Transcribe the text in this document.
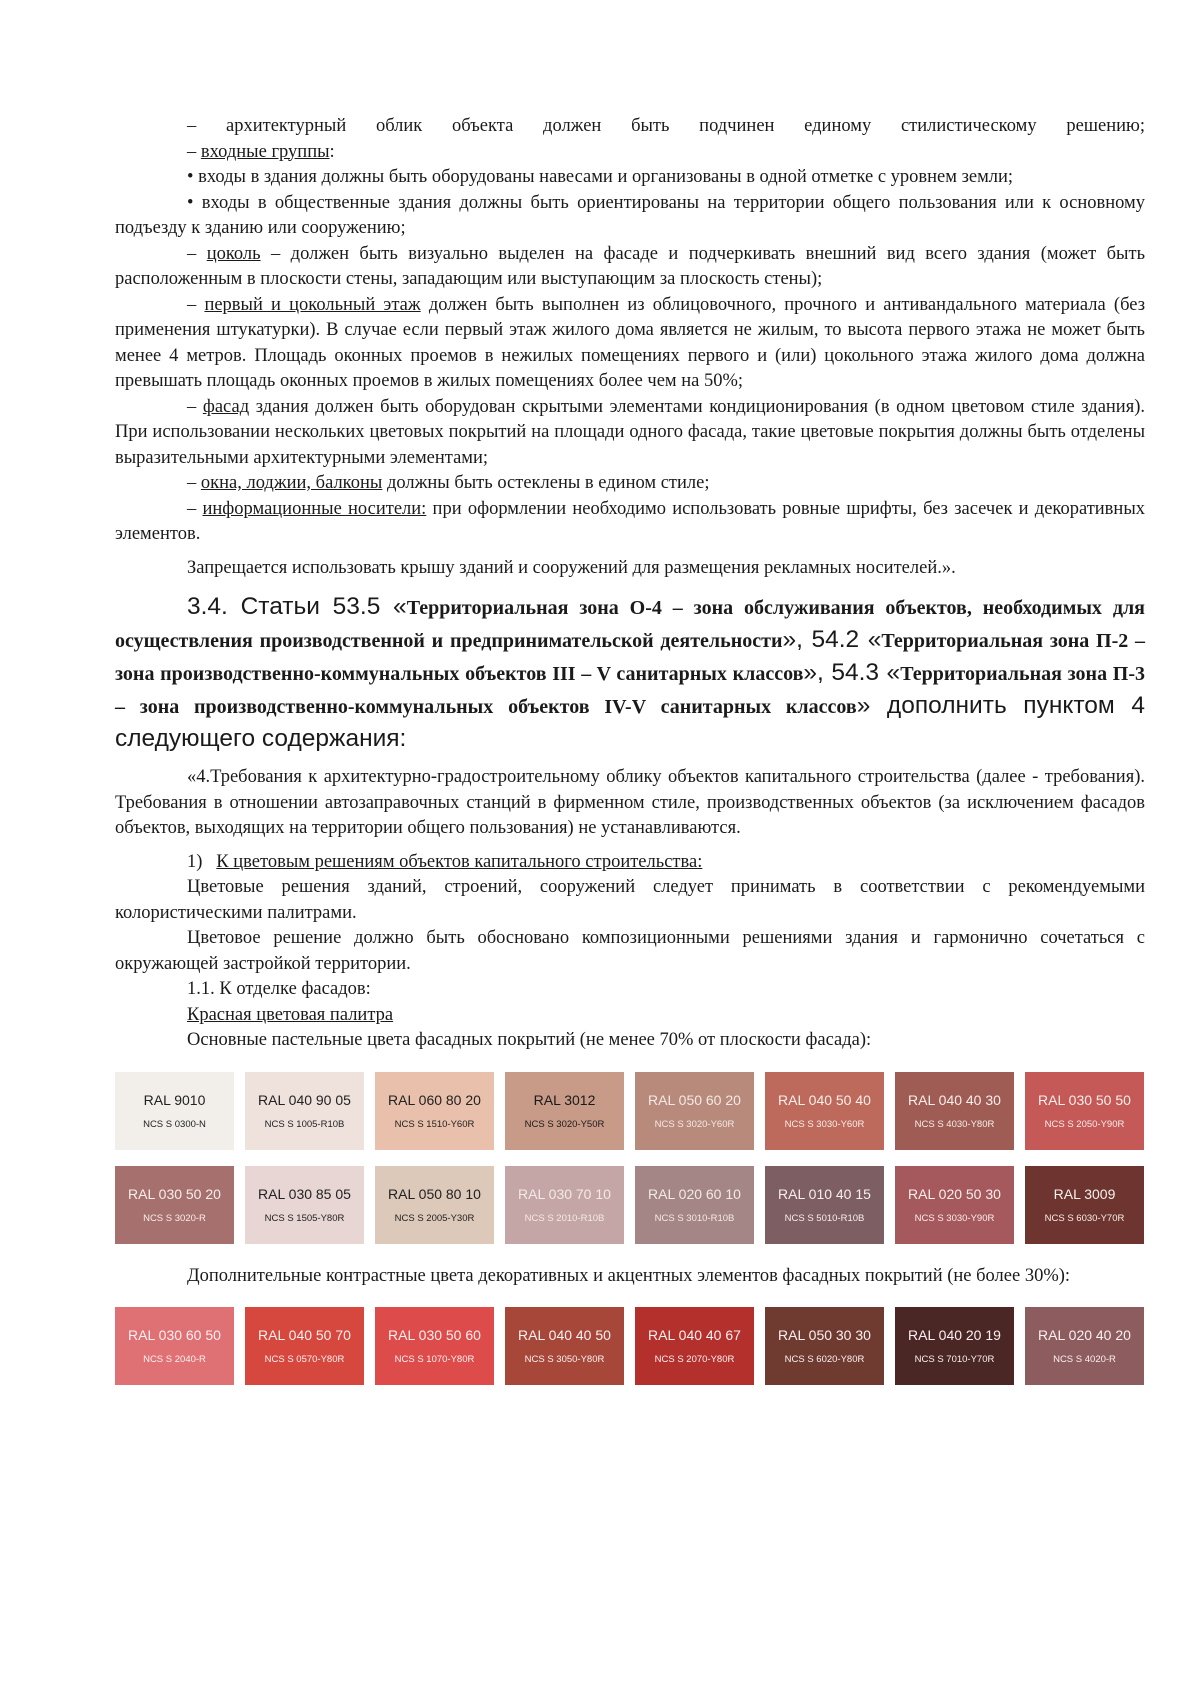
– архитектурный облик объекта должен быть подчинен единому стилистическому решению;

– входные группы:

• входы в здания должны быть оборудованы навесами и организованы в одной отметке с уровнем земли;

• входы в общественные здания должны быть ориентированы на территории общего пользования или к основному подъезду к зданию или сооружению;

– цоколь – должен быть визуально выделен на фасаде и подчеркивать внешний вид всего здания (может быть расположенным в плоскости стены, западающим или выступающим за плоскость стены);

– первый и цокольный этаж должен быть выполнен из облицовочного, прочного и антивандального материала (без применения штукатурки). В случае если первый этаж жилого дома является не жилым, то высота первого этажа не может быть менее 4 метров. Площадь оконных проемов в нежилых помещениях первого и (или) цокольного этажа жилого дома должна превышать площадь оконных проемов в жилых помещениях более чем на 50%;

– фасад здания должен быть оборудован скрытыми элементами кондиционирования (в одном цветовом стиле здания). При использовании нескольких цветовых покрытий на площади одного фасада, такие цветовые покрытия должны быть отделены выразительными архитектурными элементами;

– окна, лоджии, балконы должны быть остеклены в едином стиле;

– информационные носители: при оформлении необходимо использовать ровные шрифты, без засечек и декоративных элементов.

Запрещается использовать крышу зданий и сооружений для размещения рекламных носителей.».

3.4. Статьи 53.5 «Территориальная зона О-4 – зона обслуживания объектов, необходимых для осуществления производственной и предпринимательской деятельности», 54.2 «Территориальная зона П-2 – зона производственно-коммунальных объектов III – V санитарных классов», 54.3 «Территориальная зона П-3 – зона производственно-коммунальных объектов IV-V санитарных классов» дополнить пунктом 4 следующего содержания:

«4.Требования к архитектурно-градостроительному облику объектов капитального строительства (далее - требования). Требования в отношении автозаправочных станций в фирменном стиле, производственных объектов (за исключением фасадов объектов, выходящих на территории общего пользования) не устанавливаются.

1) К цветовым решениям объектов капитального строительства:

Цветовые решения зданий, строений, сооружений следует принимать в соответствии с рекомендуемыми колористическими палитрами.

Цветовое решение должно быть обосновано композиционными решениями здания и гармонично сочетаться с окружающей застройкой территории.

1.1. К отделке фасадов:

Красная цветовая палитра

Основные пастельные цвета фасадных покрытий (не менее 70% от плоскости фасада):

RAL 9010
NCS S 0300-N
RAL 040 90 05
NCS S 1005-R10B
RAL 060 80 20
NCS S 1510-Y60R
RAL 3012
NCS S 3020-Y50R
RAL 050 60 20
NCS S 3020-Y60R
RAL 040 50 40
NCS S 3030-Y60R
RAL 040 40 30
NCS S 4030-Y80R
RAL 030 50 50
NCS S 2050-Y90R
RAL 030 50 20
NCS S 3020-R
RAL 030 85 05
NCS S 1505-Y80R
RAL 050 80 10
NCS S 2005-Y30R
RAL 030 70 10
NCS S 2010-R10B
RAL 020 60 10
NCS S 3010-R10B
RAL 010 40 15
NCS S 5010-R10B
RAL 020 50 30
NCS S 3030-Y90R
RAL 3009
NCS S 6030-Y70R

Дополнительные контрастные цвета декоративных и акцентных элементов фасадных покрытий (не более 30%):

RAL 030 60 50
NCS S 2040-R
RAL 040 50 70
NCS S 0570-Y80R
RAL 030 50 60
NCS S 1070-Y80R
RAL 040 40 50
NCS S 3050-Y80R
RAL 040 40 67
NCS S 2070-Y80R
RAL 050 30 30
NCS S 6020-Y80R
RAL 040 20 19
NCS S 7010-Y70R
RAL 020 40 20
NCS S 4020-R
